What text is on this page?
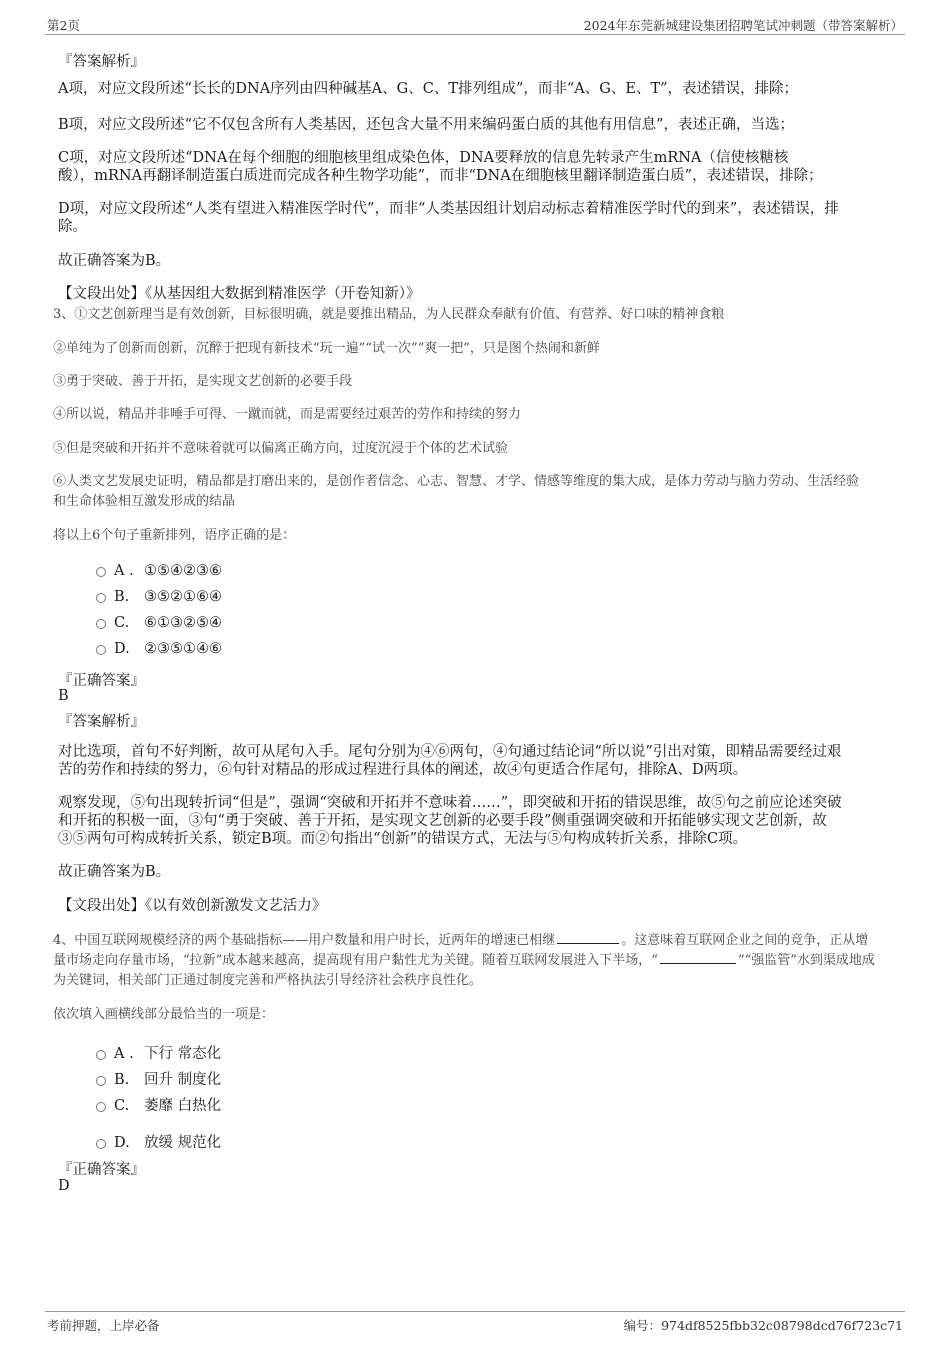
第2页	2024年东莞新城建设集团招聘笔试冲刺题（带答案解析）
『答案解析』
A项，对应文段所述“长长的DNA序列由四种碱基A、G、C、T排列组成”，而非“A、G、E、T”，表述错误，排除；
B项，对应文段所述“它不仅包含所有人类基因，还包含大量不用来编码蛋白质的其他有用信息”，表述正确，当选；
C项，对应文段所述“DNA在每个细胞的细胞核里组成染色体，DNA要释放的信息先转录产生mRNA（信使核糖核
酸），mRNA再翻译制造蛋白质进而完成各种生物学功能”，而非“DNA在细胞核里翻译制造蛋白质”，表述错误，排除；
D项，对应文段所述“人类有望进入精准医学时代”，而非“人类基因组计划启动标志着精准医学时代的到来”，表述错误，排
除。
故正确答案为B。
【文段出处】《从基因组大数据到精准医学（开卷知新）》
3、①文艺创新理当是有效创新，目标很明确，就是要推出精品，为人民群众奉献有价值、有营养、好口味的精神食粮
②单纯为了创新而创新，沉醉于把现有新技术“玩一遍”“试一次”“爽一把”，只是图个热闹和新鲜
③勇于突破、善于开拓，是实现文艺创新的必要手段
④所以说，精品并非唾手可得、一蹴而就，而是需要经过艰苦的劳作和持续的努力
⑤但是突破和开拓并不意味着就可以偏离正确方向，过度沉浸于个体的艺术试验
⑥人类文艺发展史证明，精品都是打磨出来的，是创作者信念、心志、智慧、才学、情感等维度的集大成，是体力劳动与脑力劳动、生活经验
和生命体验相互激发形成的结晶
将以上6个句子重新排列，语序正确的是：
A . ①⑤④②③⑥
B. ③⑤②①⑥④
C. ⑥①③②⑤④
D. ②③⑤①④⑥
『正确答案』
B
『答案解析』
对比选项，首句不好判断，故可从尾句入手。尾句分别为④⑥两句，④句通过结论词“所以说”引出对策，即精品需要经过艰
苦的劳作和持续的努力，⑥句针对精品的形成过程进行具体的阐述，故④句更适合作尾句，排除A、D两项。
观察发现，⑤句出现转折词“但是”，强调“突破和开拓并不意味着……”，即突破和开拓的错误思维，故⑤句之前应论述突破
和开拓的积极一面，③句“勇于突破、善于开拓，是实现文艺创新的必要手段”侧重强调突破和开拓能够实现文艺创新，故
③⑤两句可构成转折关系，锁定B项。而②句指出“创新”的错误方式，无法与⑤句构成转折关系，排除C项。
故正确答案为B。
【文段出处】《以有效创新激发文艺活力》
4、中国互联网规模经济的两个基础指标——用户数量和用户时长，近两年的增速已相继	。这意味着互联网企业之间的竞争，正从增
量市场走向存量市场，“拉新”成本越来越高，提高现有用户黏性尤为关键。随着互联网发展进入下半场，“	”“强监管”水到渠成地成
为关键词，相关部门正通过制度完善和严格执法引导经济社会秩序良性化。
依次填入画横线部分最恰当的一项是：
A . 下行 常态化
B. 回升 制度化
C. 萎靡 白热化
D. 放缓 规范化
『正确答案』
D
考前押题，上岸必备	编号：974df8525fbb32c08798dcd76f723c71
